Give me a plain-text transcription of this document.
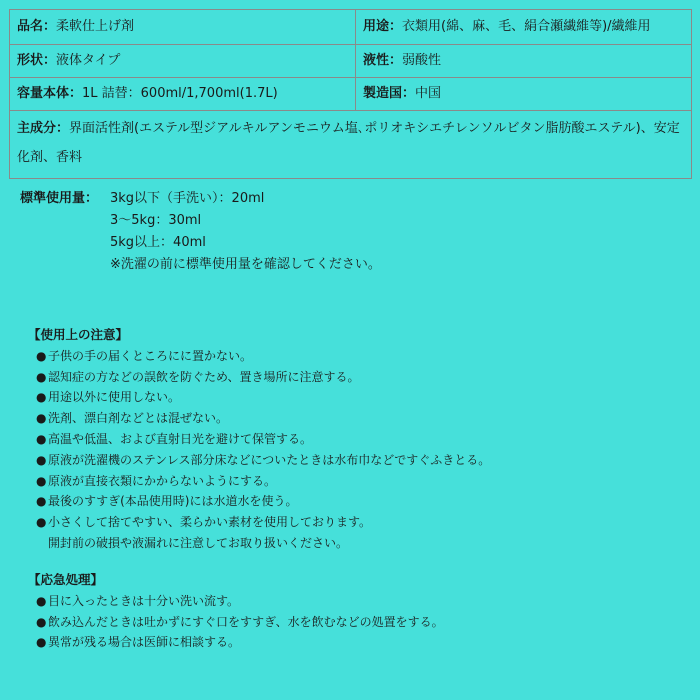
品名：柔軟仕上げ剤	用途：衣類用(綿、麻、毛、絹合瀬繊維等)/繊維用
形状：液体タイプ	液性：弱酸性
容量本体：1L 詰替：600ml/1,700ml(1.7L)	製造国：中国
主成分：界面活性剤(エステル型ジアルキルアンモニウム塩､ポリオキシエチレンソルビタン脂肪酸エステル)、安定化剤、香料	
標準使用量： 3kg以下（手洗い）：20ml
3～5kg：30ml
5kg以上：40ml
※洗濯の前に標準使用量を確認してください。
【使用上の注意】
● 子供の手の届くところにに置かない。
● 認知症の方などの誤飲を防ぐため、置き場所に注意する。
● 用途以外に使用しない。
● 洗剤、漂白剤などとは混ぜない。
● 高温や低温、および直射日光を避けて保管する。
● 原液が洗濯機のステンレス部分床などについたときは水布巾などですぐふきとる。
● 原液が直接衣類にかからないようにする。
● 最後のすすぎ(本品使用時)には水道水を使う。
● 小さくして捨てやすい、柔らかい素材を使用しております。
開封前の破損や液漏れに注意してお取り扱いください。
【応急処理】
● 目に入ったときは十分い洗い流す。
● 飲み込んだときは吐かずにすぐ口をすすぎ、水を飲むなどの処置をする。
● 異常が残る場合は医師に相談する。
